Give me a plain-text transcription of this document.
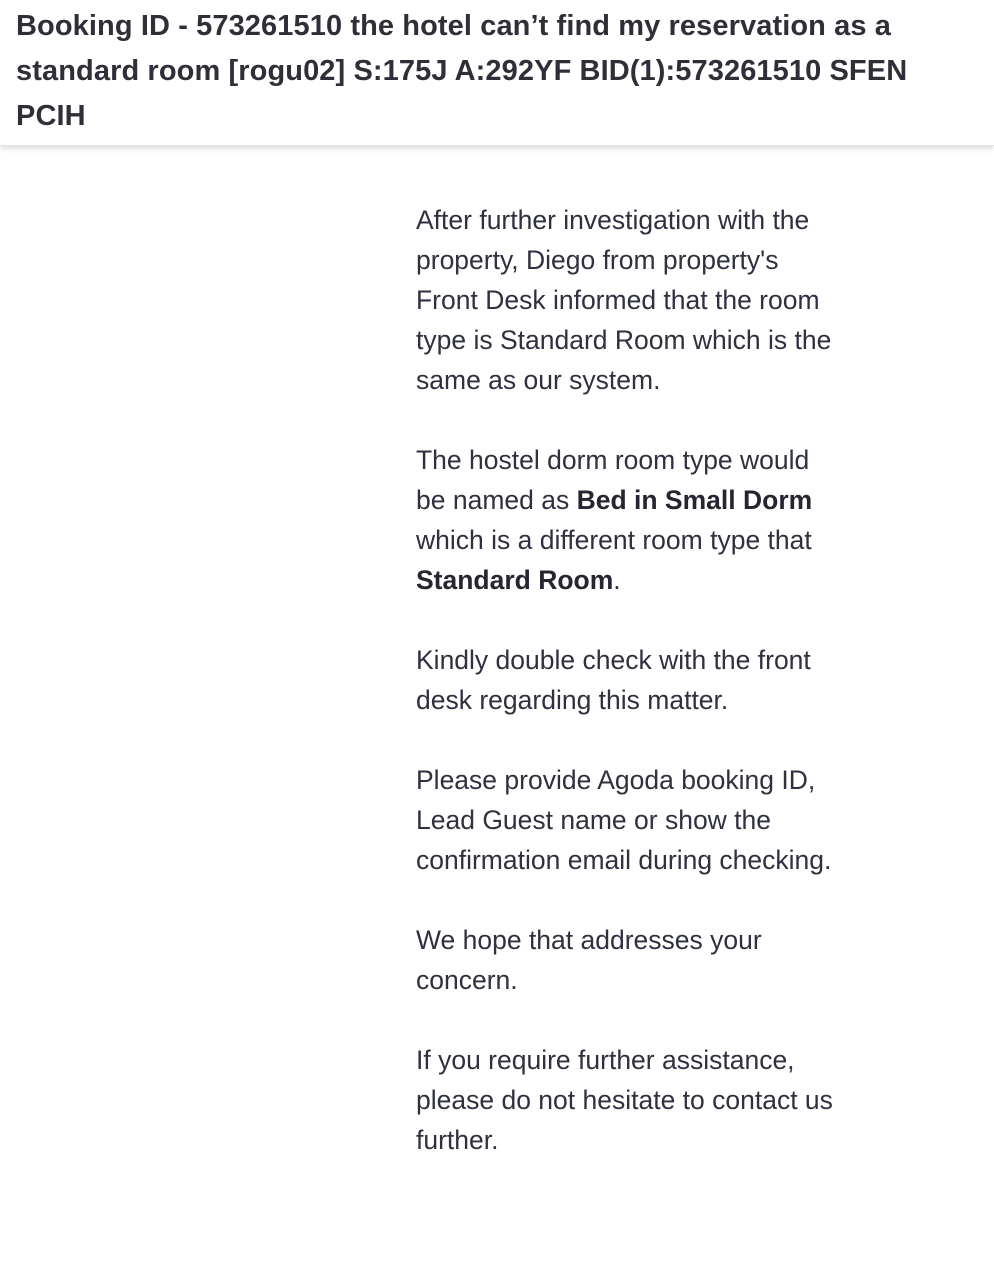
Booking ID - 573261510 the hotel can’t find my reservation as a standard room [rogu02] S:175J A:292YF BID(1):573261510 SFEN PCIH

After further investigation with the property, Diego from property's Front Desk informed that the room type is Standard Room which is the same as our system.

The hostel dorm room type would be named as Bed in Small Dorm which is a different room type that Standard Room.

Kindly double check with the front desk regarding this matter.

Please provide Agoda booking ID, Lead Guest name or show the confirmation email during checking.

We hope that addresses your concern.

If you require further assistance, please do not hesitate to contact us further.
